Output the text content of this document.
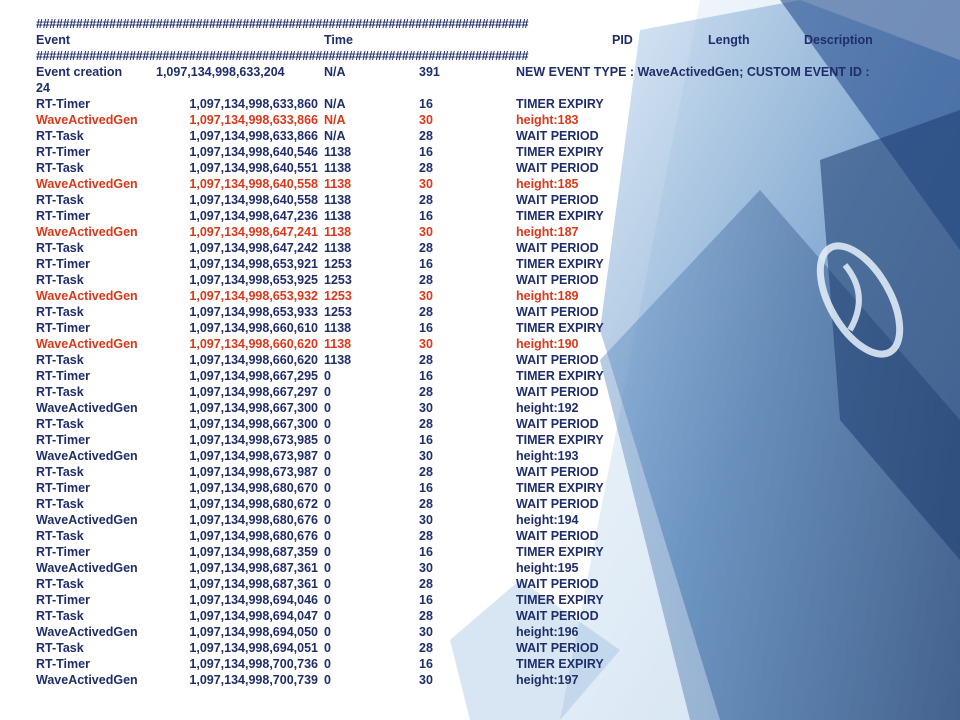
##########################################################################
Event	Time	PID	Length	Description
##########################################################################
Event creation	1,097,134,998,633,204	N/A	391	NEW EVENT TYPE : WaveActivedGen; CUSTOM EVENT ID :
24
RT-Timer	1,097,134,998,633,860 N/A	16	TIMER EXPIRY
WaveActivedGen	1,097,134,998,633,866 N/A	30	height:183
RT-Task	1,097,134,998,633,866 N/A	28	WAIT PERIOD
RT-Timer	1,097,134,998,640,546 1138	16	TIMER EXPIRY
RT-Task	1,097,134,998,640,551 1138	28	WAIT PERIOD
WaveActivedGen	1,097,134,998,640,558 1138	30	height:185
RT-Task	1,097,134,998,640,558 1138	28	WAIT PERIOD
RT-Timer	1,097,134,998,647,236 1138	16	TIMER EXPIRY
WaveActivedGen	1,097,134,998,647,241 1138	30	height:187
RT-Task	1,097,134,998,647,242 1138	28	WAIT PERIOD
RT-Timer	1,097,134,998,653,921 1253	16	TIMER EXPIRY
RT-Task	1,097,134,998,653,925 1253	28	WAIT PERIOD
WaveActivedGen	1,097,134,998,653,932 1253	30	height:189
RT-Task	1,097,134,998,653,933 1253	28	WAIT PERIOD
RT-Timer	1,097,134,998,660,610 1138	16	TIMER EXPIRY
WaveActivedGen	1,097,134,998,660,620 1138	30	height:190
RT-Task	1,097,134,998,660,620 1138	28	WAIT PERIOD
RT-Timer	1,097,134,998,667,295 0	16	TIMER EXPIRY
RT-Task	1,097,134,998,667,297 0	28	WAIT PERIOD
WaveActivedGen	1,097,134,998,667,300 0	30	height:192
RT-Task	1,097,134,998,667,300 0	28	WAIT PERIOD
RT-Timer	1,097,134,998,673,985 0	16	TIMER EXPIRY
WaveActivedGen	1,097,134,998,673,987 0	30	height:193
RT-Task	1,097,134,998,673,987 0	28	WAIT PERIOD
RT-Timer	1,097,134,998,680,670 0	16	TIMER EXPIRY
RT-Task	1,097,134,998,680,672 0	28	WAIT PERIOD
WaveActivedGen	1,097,134,998,680,676 0	30	height:194
RT-Task	1,097,134,998,680,676 0	28	WAIT PERIOD
RT-Timer	1,097,134,998,687,359 0	16	TIMER EXPIRY
WaveActivedGen	1,097,134,998,687,361 0	30	height:195
RT-Task	1,097,134,998,687,361 0	28	WAIT PERIOD
RT-Timer	1,097,134,998,694,046 0	16	TIMER EXPIRY
RT-Task	1,097,134,998,694,047 0	28	WAIT PERIOD
WaveActivedGen	1,097,134,998,694,050 0	30	height:196
RT-Task	1,097,134,998,694,051 0	28	WAIT PERIOD
RT-Timer	1,097,134,998,700,736 0	16	TIMER EXPIRY
WaveActivedGen	1,097,134,998,700,739 0	30	height:197
